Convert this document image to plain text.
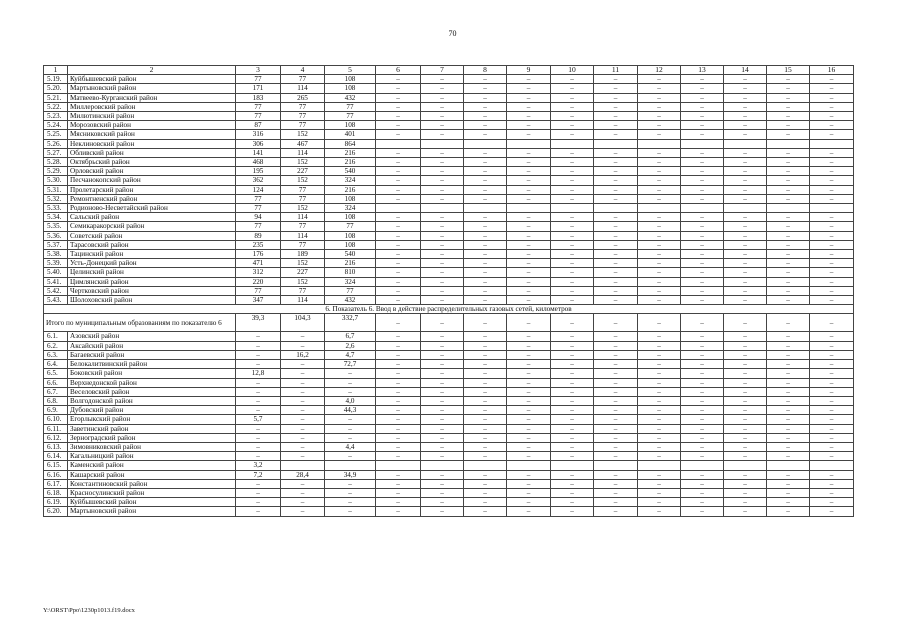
70
1	2	3	4	5	6	7	8	9	10	11	12	13	14	15	16
5.19.	Куйбышевский район	77	77	108	–	–	–	–	–	–	–	–	–	–	–
5.20.	Мартыновский район	171	114	108	–	–	–	–	–	–	–	–	–	–	–
5.21.	Матвеево-Курганский район	183	265	432	–	–	–	–	–	–	–	–	–	–	–
5.22.	Миллеровский район	77	77	77	–	–	–	–	–	–	–	–	–	–	–
5.23.	Милютинский район	77	77	77	–	–	–	–	–	–	–	–	–	–	–
5.24.	Морозовский район	87	77	108	–	–	–	–	–	–	–	–	–	–	–
5.25.	Мясниковский район	316	152	401	–	–	–	–	–	–	–	–	–	–	–
5.26.	Неклиновский район	306	467	864											
5.27.	Обливский район	141	114	216	–	–	–	–	–	–	–	–	–	–	–
5.28.	Октябрьский район	468	152	216	–	–	–	–	–	–	–	–	–	–	–
5.29.	Орловский район	195	227	540	–	–	–	–	–	–	–	–	–	–	–
5.30.	Песчанокопский район	362	152	324	–	–	–	–	–	–	–	–	–	–	–
5.31.	Пролетарский район	124	77	216	–	–	–	–	–	–	–	–	–	–	–
5.32.	Ремонтненский район	77	77	108	–	–	–	–	–	–	–	–	–	–	–
5.33.	Родионово-Несветайский район	77	152	324											
5.34.	Сальский район	94	114	108	–	–	–	–	–	–	–	–	–	–	–
5.35.	Семикаракорский район	77	77	77	–	–	–	–	–	–	–	–	–	–	–
5.36.	Советский район	89	114	108	–	–	–	–	–	–	–	–	–	–	–
5.37.	Тарасовский район	235	77	108	–	–	–	–	–	–	–	–	–	–	–
5.38.	Тацинский район	176	189	540	–	–	–	–	–	–	–	–	–	–	–
5.39.	Усть-Донецкий район	471	152	216	–	–	–	–	–	–	–	–	–	–	–
5.40.	Целинский район	312	227	810	–	–	–	–	–	–	–	–	–	–	–
5.41.	Цимлянский район	220	152	324	–	–	–	–	–	–	–	–	–	–	–
5.42.	Чертковский район	77	77	77	–	–	–	–	–	–	–	–	–	–	–
5.43.	Шолоховский район	347	114	432	–	–	–	–	–	–	–	–	–	–	–
6. Показатель 6. Ввод в действие распределительных газовых сетей, километров															
Итого по муниципальным образованиям по показателю 6		39,3	104,3	332,7	–	–	–	–	–	–	–	–	–	–	–
6.1.	Азовский район	–	–	6,7	–	–	–	–	–	–	–	–	–	–	–
6.2.	Аксайский район	–	–	2,6	–	–	–	–	–	–	–	–	–	–	–
6.3.	Багаевский район	–	16,2	4,7	–	–	–	–	–	–	–	–	–	–	–
6.4.	Белокалитвинский район	–	–	72,7	–	–	–	–	–	–	–	–	–	–	–
6.5.	Боковский район	12,8	–	–	–	–	–	–	–	–	–	–	–	–	–
6.6.	Верхнедонской район	–	–	–	–	–	–	–	–	–	–	–	–	–	–
6.7.	Веселовский район	–	–	–	–	–	–	–	–	–	–	–	–	–	–
6.8.	Волгодонской район	–	–	4,0	–	–	–	–	–	–	–	–	–	–	–
6.9.	Дубовский район	–	–	44,3	–	–	–	–	–	–	–	–	–	–	–
6.10.	Егорлыкский район	5,7	–	–	–	–	–	–	–	–	–	–	–	–	–
6.11.	Заветинский район	–	–	–	–	–	–	–	–	–	–	–	–	–	–
6.12.	Зерноградский район	–	–	–	–	–	–	–	–	–	–	–	–	–	–
6.13.	Зимовниковский район	–	–	4,4	–	–	–	–	–	–	–	–	–	–	–
6.14.	Кагальницкий район	–	–	–	–	–	–	–	–	–	–	–	–	–	–
6.15.	Каменский район	3,2													
6.16.	Кашарский район	7,2	28,4	34,9	–	–	–	–	–	–	–	–	–	–	–
6.17.	Константиновский район	–	–	–	–	–	–	–	–	–	–	–	–	–	–
6.18.	Красносулинский район	–	–	–	–	–	–	–	–	–	–	–	–	–	–
6.19.	Куйбышевский район	–	–	–	–	–	–	–	–	–	–	–	–	–	–
6.20.	Мартыновский район	–	–	–	–	–	–	–	–	–	–	–	–	–	–
Y:\ORST\Ppo\1230p1013.f19.docx
